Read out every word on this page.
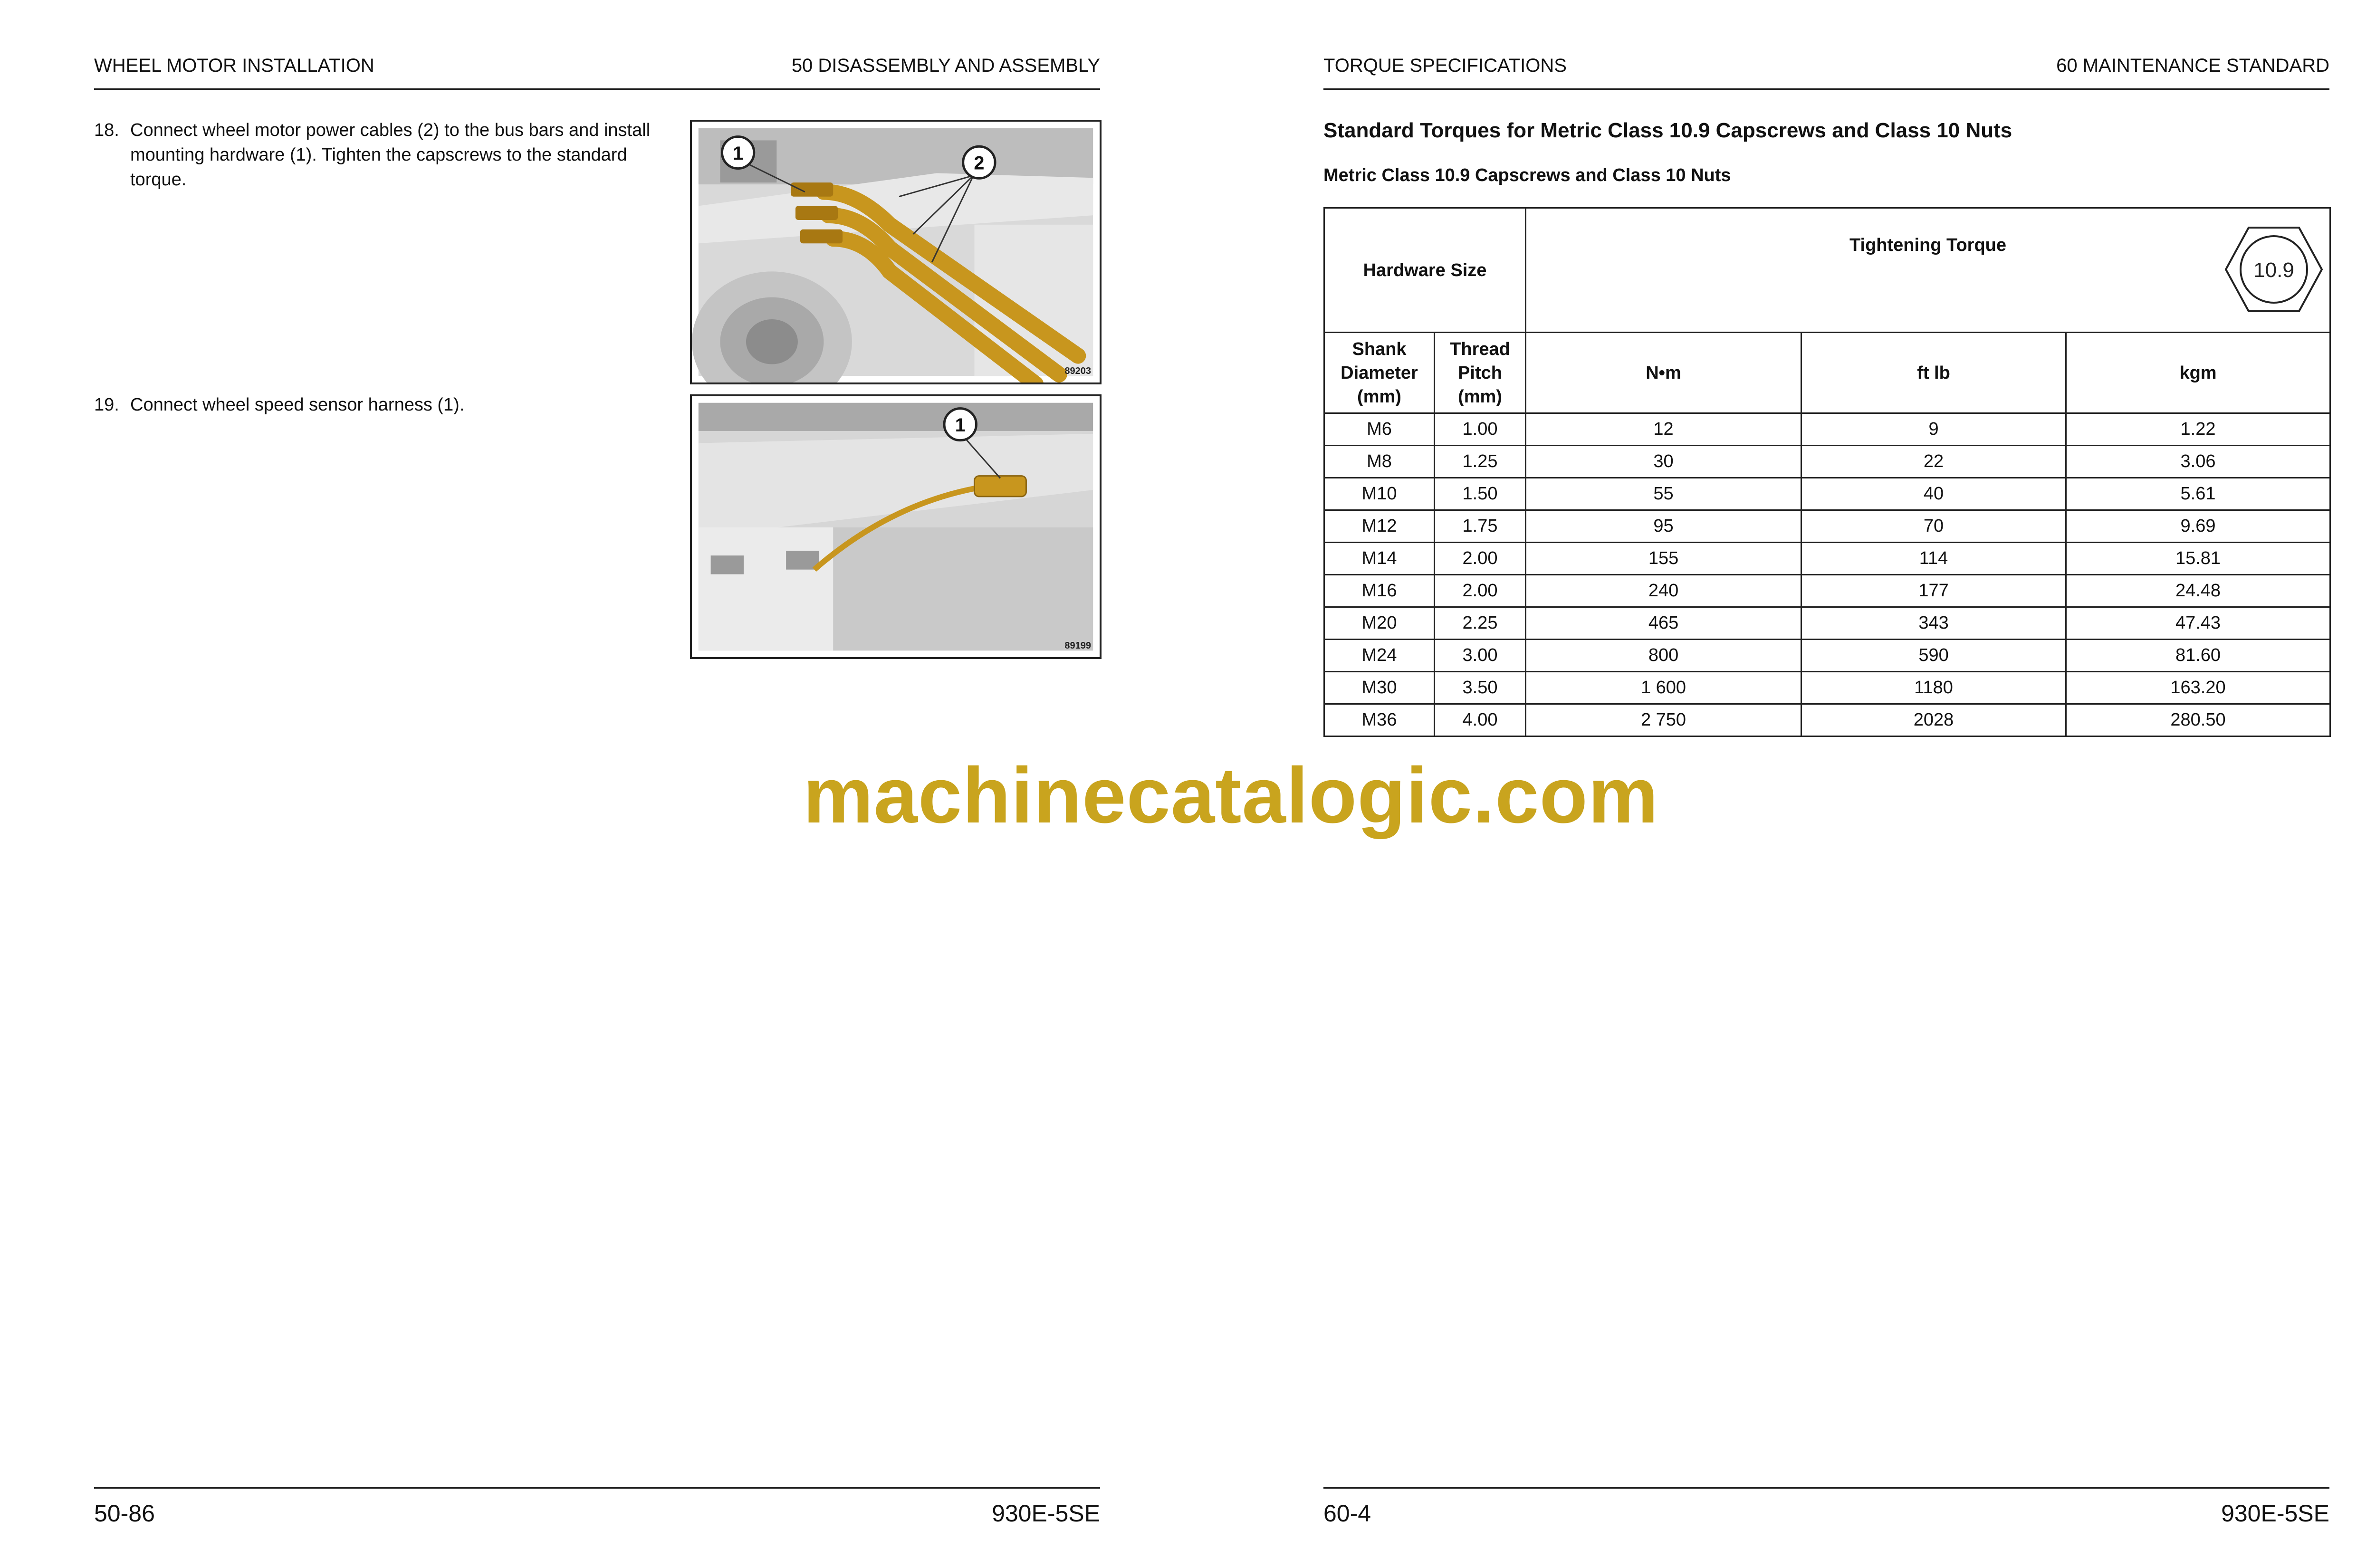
WHEEL MOTOR INSTALLATION	50 DISASSEMBLY AND ASSEMBLY
18. Connect wheel motor power cables (2) to the bus bars and install mounting hardware (1). Tighten the capscrews to the standard torque.
19. Connect wheel speed sensor harness (1).
1	2
89203
1
89199
50-86	930E-5SE
TORQUE SPECIFICATIONS	60 MAINTENANCE STANDARD
Standard Torques for Metric Class 10.9 Capscrews and Class 10 Nuts
Metric Class 10.9 Capscrews and Class 10 Nuts
Hardware Size		Tightening Torque
10.9		

Shank Diameter (mm)	Thread Pitch (mm)	N•m	ft lb	kgm
M6	1.00	12	9	1.22
M8	1.25	30	22	3.06
M10	1.50	55	40	5.61
M12	1.75	95	70	9.69
M14	2.00	155	114	15.81
M16	2.00	240	177	24.48
M20	2.25	465	343	47.43
M24	3.00	800	590	81.60
M30	3.50	1 600	1180	163.20
M36	4.00	2 750	2028	280.50
60-4	930E-5SE
machinecatalogic.com
